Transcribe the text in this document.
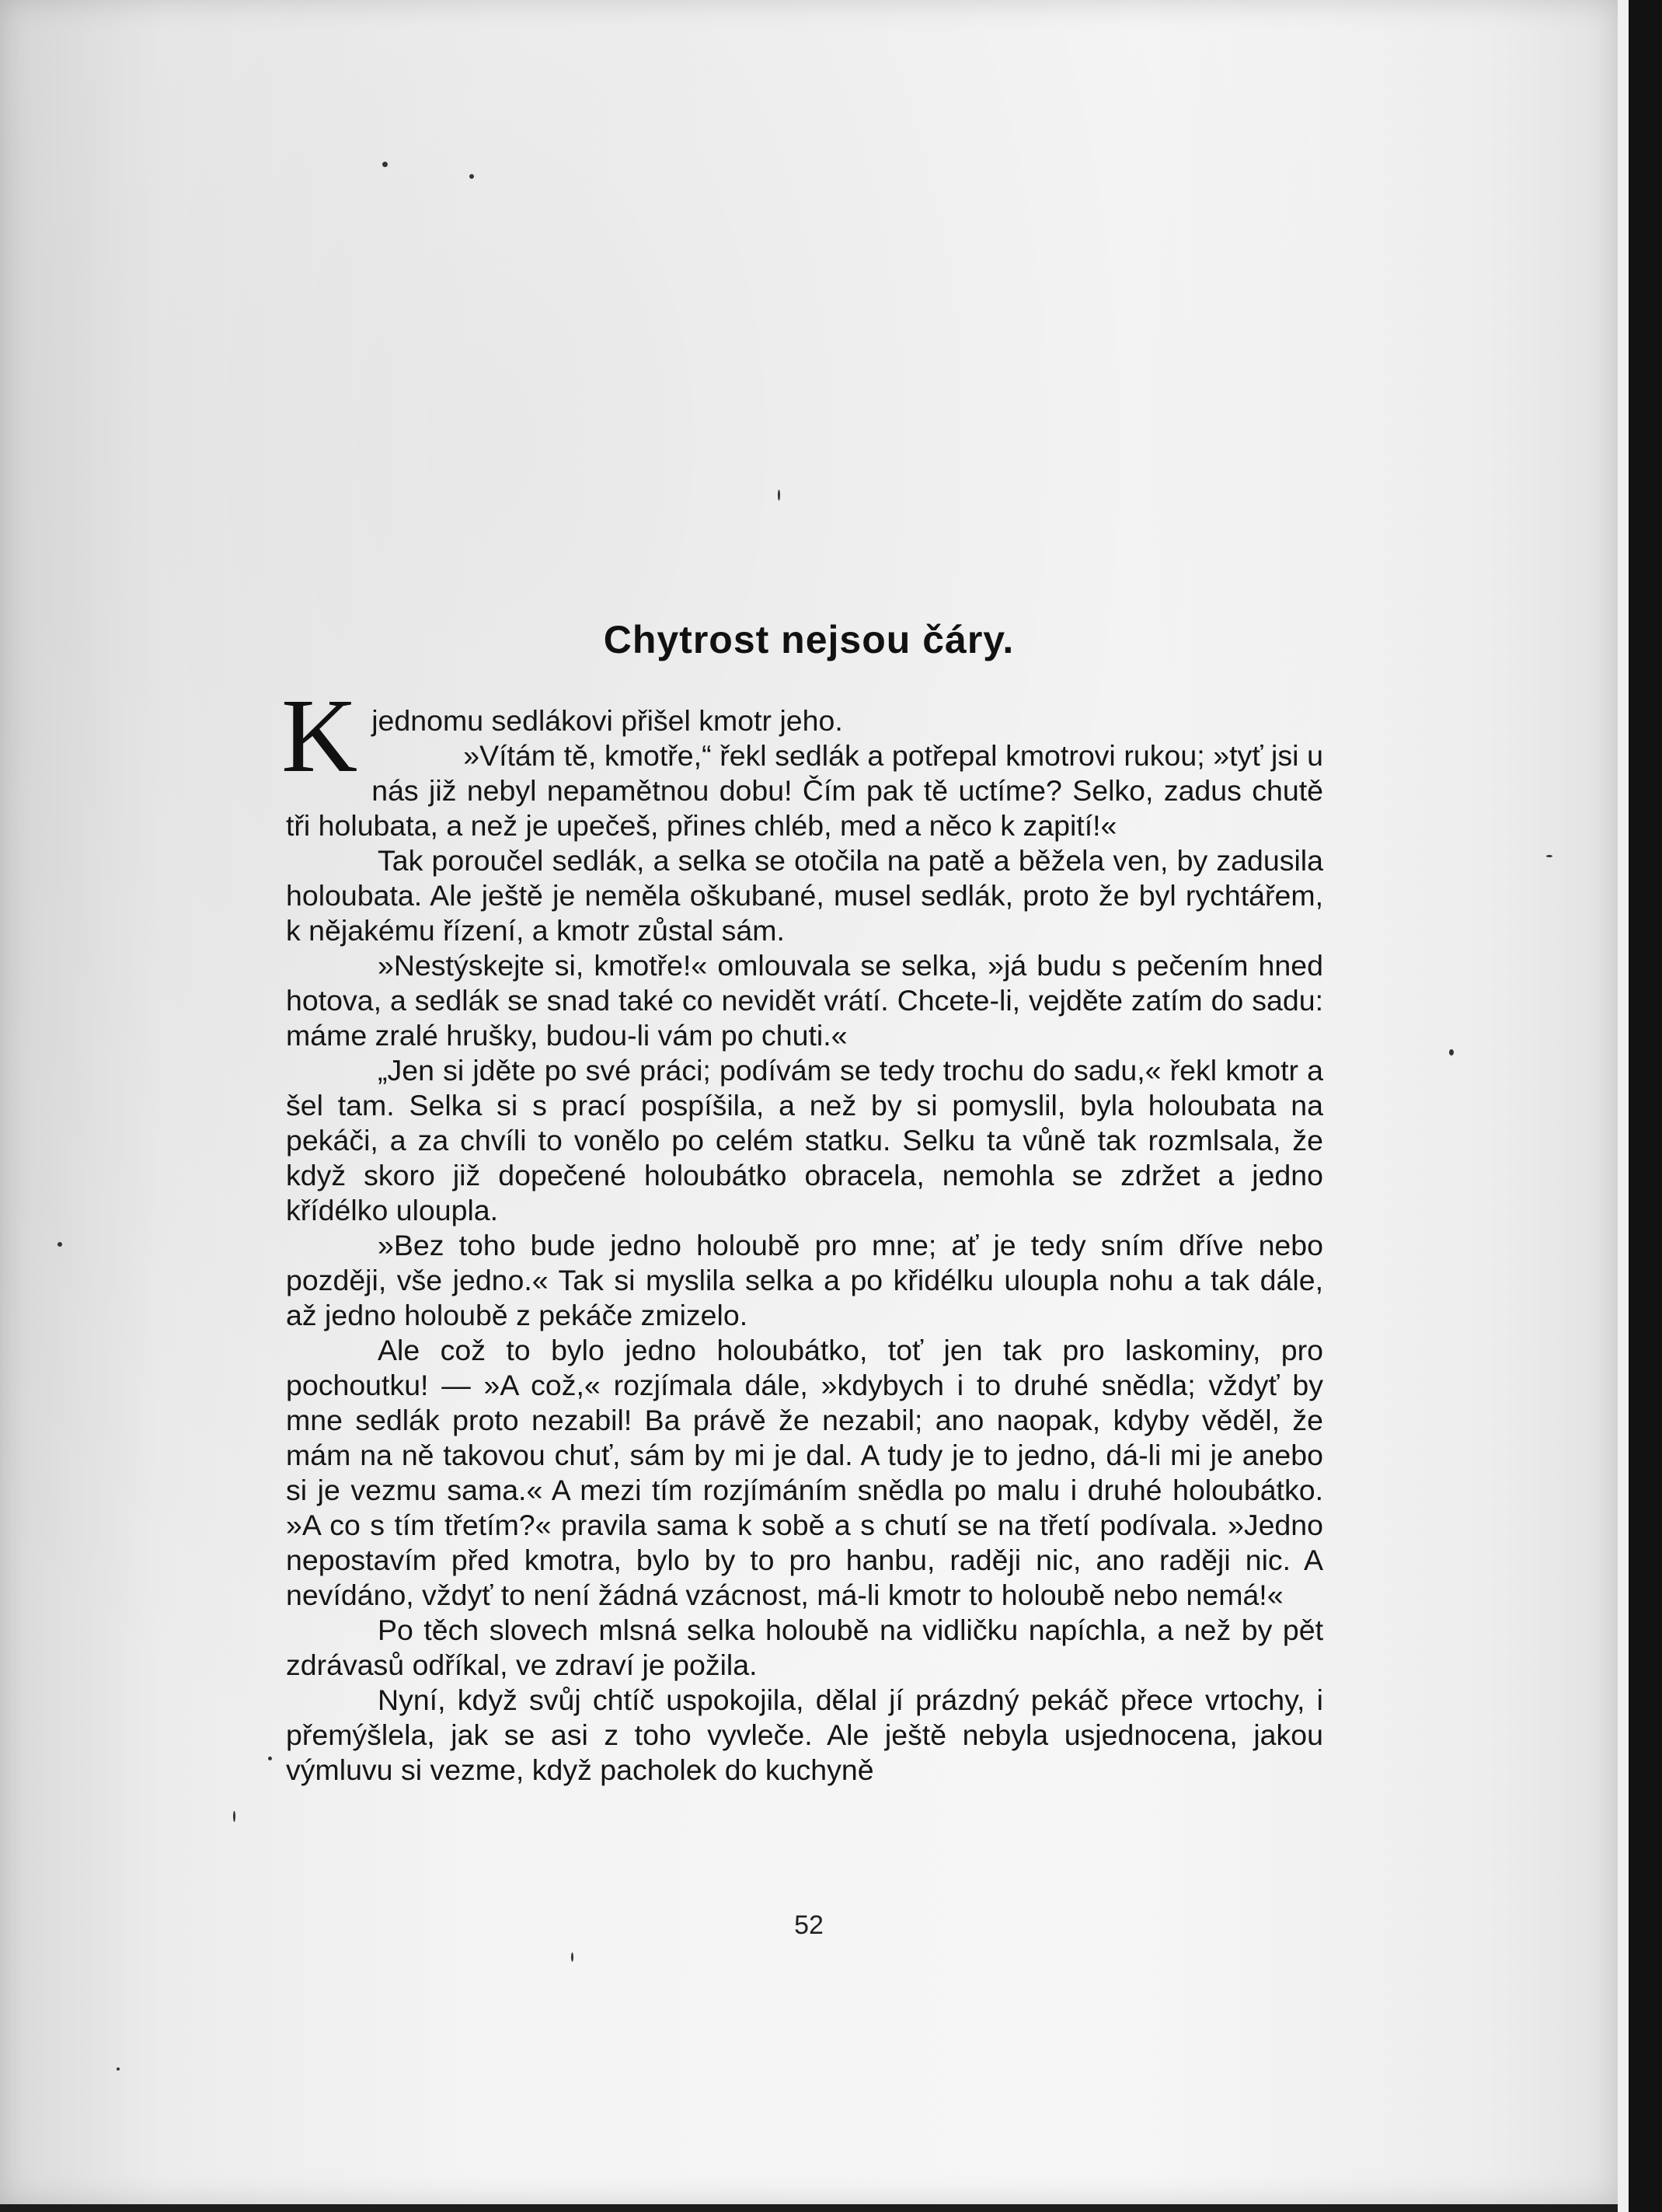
Chytrost nejsou čáry.

K jednomu sedlákovi přišel kmotr jeho.

»Vítám tě, kmotře,“ řekl sedlák a potřepal kmotrovi rukou; »tyť jsi u nás již nebyl nepamětnou dobu! Čím pak tě uctíme? Selko, zadus chutě tři holubata, a než je upečeš, přines chléb, med a něco k zapití!«

Tak poroučel sedlák, a selka se otočila na patě a běžela ven, by zadusila holoubata. Ale ještě je neměla oškubané, musel sedlák, proto že byl rychtářem, k nějakému řízení, a kmotr zůstal sám.

»Nestýskejte si, kmotře!« omlouvala se selka, »já budu s pečením hned hotova, a sedlák se snad také co nevidět vrátí. Chcete-li, vejděte zatím do sadu: máme zralé hrušky, budou-li vám po chuti.«

„Jen si jděte po své práci; podívám se tedy trochu do sadu,« řekl kmotr a šel tam. Selka si s prací pospíšila, a než by si pomyslil, byla holoubata na pekáči, a za chvíli to vonělo po celém statku. Selku ta vůně tak rozmlsala, že když skoro již dopečené holoubátko obracela, nemohla se zdržet a jedno křídélko uloupla.

»Bez toho bude jedno holoubě pro mne; ať je tedy sním dříve nebo později, vše jedno.« Tak si myslila selka a po křidélku uloupla nohu a tak dále, až jedno holoubě z pekáče zmizelo.

Ale což to bylo jedno holoubátko, toť jen tak pro laskominy, pro pochoutku! — »A což,« rozjímala dále, »kdybych i to druhé snědla; vždyť by mne sedlák proto nezabil! Ba právě že nezabil; ano naopak, kdyby věděl, že mám na ně takovou chuť, sám by mi je dal. A tudy je to jedno, dá-li mi je anebo si je vezmu sama.« A mezi tím rozjímáním snědla po malu i druhé holoubátko. »A co s tím třetím?« pravila sama k sobě a s chutí se na třetí podívala. »Jedno nepostavím před kmotra, bylo by to pro hanbu, raději nic, ano raději nic. A nevídáno, vždyť to není žádná vzácnost, má-li kmotr to holoubě nebo nemá!«

Po těch slovech mlsná selka holoubě na vidličku napíchla, a než by pět zdrávasů odříkal, ve zdraví je požila.

Nyní, když svůj chtíč uspokojila, dělal jí prázdný pekáč přece vrtochy, i přemýšlela, jak se asi z toho vyvleče. Ale ještě nebyla usjednocena, jakou výmluvu si vezme, když pacholek do kuchyně

52
